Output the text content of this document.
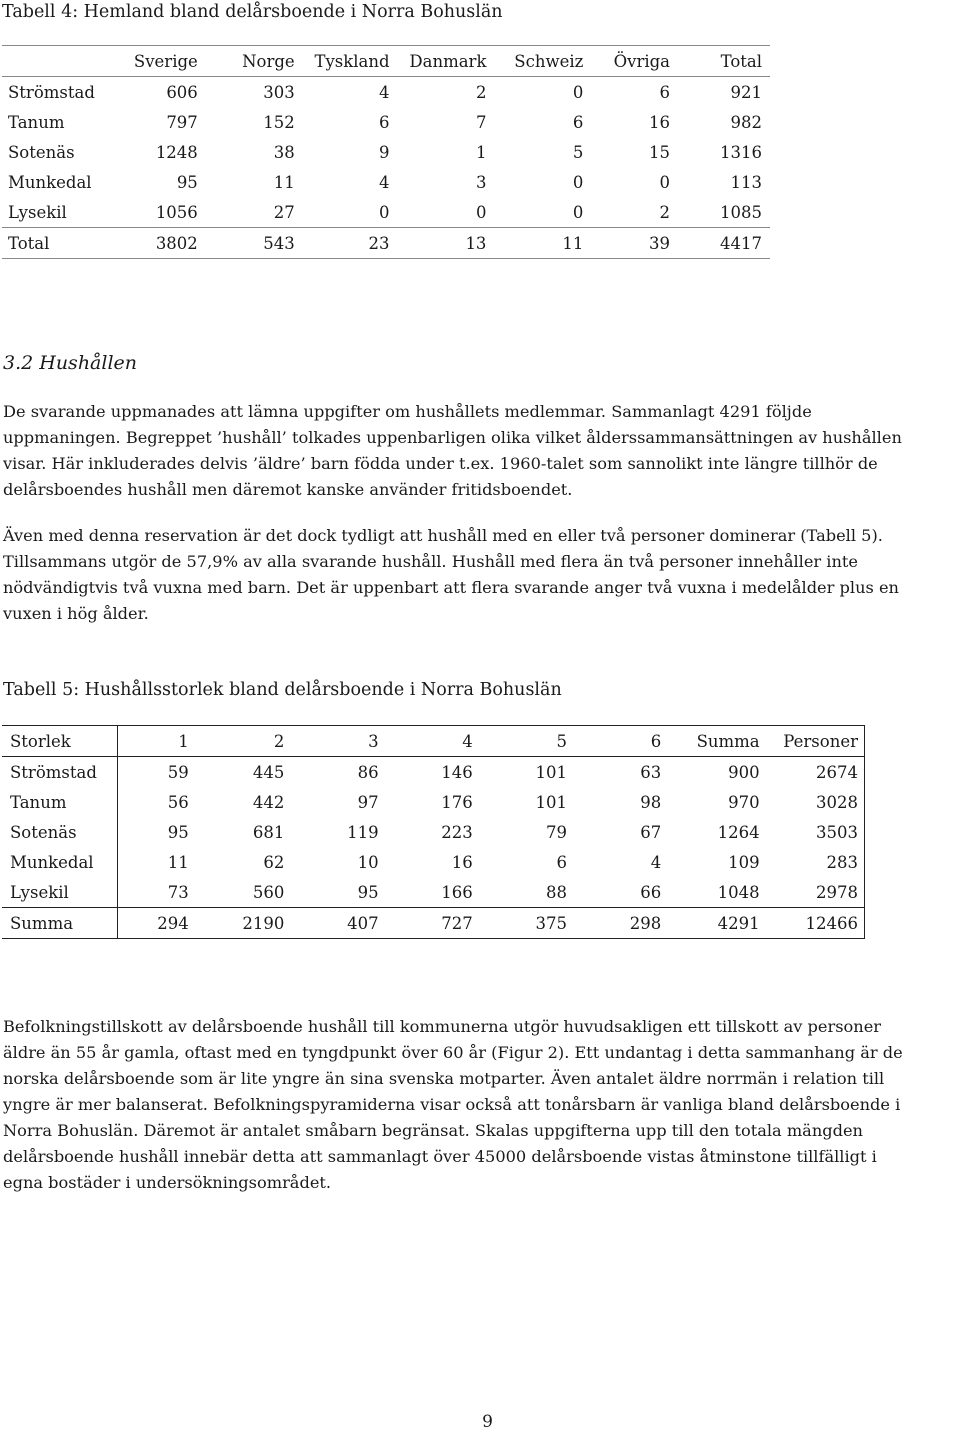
Tabell 4: Hemland bland delårsboende i Norra Bohuslän
	Sverige	Norge	Tyskland	Danmark	Schweiz	Övriga	Total
Strömstad	606	303	4	2	0	6	921
Tanum	797	152	6	7	6	16	982
Sotenäs	1248	38	9	1	5	15	1316
Munkedal	95	11	4	3	0	0	113
Lysekil	1056	27	0	0	0	2	1085
Total	3802	543	23	13	11	39	4417
3.2 Hushållen
De svarande uppmanades att lämna uppgifter om hushållets medlemmar. Sammanlagt 4291 följde
uppmaningen. Begreppet ’hushåll’ tolkades uppenbarligen olika vilket ålderssammansättningen av hushållen
visar. Här inkluderades delvis ’äldre’ barn födda under t.ex. 1960-talet som sannolikt inte längre tillhör de
delårsboendes hushåll men däremot kanske använder fritidsboendet.
Även med denna reservation är det dock tydligt att hushåll med en eller två personer dominerar (Tabell 5).
Tillsammans utgör de 57,9% av alla svarande hushåll. Hushåll med flera än två personer innehåller inte
nödvändigtvis två vuxna med barn. Det är uppenbart att flera svarande anger två vuxna i medelålder plus en
vuxen i hög ålder.
Tabell 5: Hushållsstorlek bland delårsboende i Norra Bohuslän
Storlek	1	2	3	4	5	6	Summa	Personer
Strömstad	59	445	86	146	101	63	900	2674
Tanum	56	442	97	176	101	98	970	3028
Sotenäs	95	681	119	223	79	67	1264	3503
Munkedal	11	62	10	16	6	4	109	283
Lysekil	73	560	95	166	88	66	1048	2978
Summa	294	2190	407	727	375	298	4291	12466
Befolkningstillskott av delårsboende hushåll till kommunerna utgör huvudsakligen ett tillskott av personer
äldre än 55 år gamla, oftast med en tyngdpunkt över 60 år (Figur 2). Ett undantag i detta sammanhang är de
norska delårsboende som är lite yngre än sina svenska motparter. Även antalet äldre norrmän i relation till
yngre är mer balanserat. Befolkningspyramiderna visar också att tonårsbarn är vanliga bland delårsboende i
Norra Bohuslän. Däremot är antalet småbarn begränsat. Skalas uppgifterna upp till den totala mängden
delårsboende hushåll innebär detta att sammanlagt över 45000 delårsboende vistas åtminstone tillfälligt i
egna bostäder i undersökningsområdet.
9
